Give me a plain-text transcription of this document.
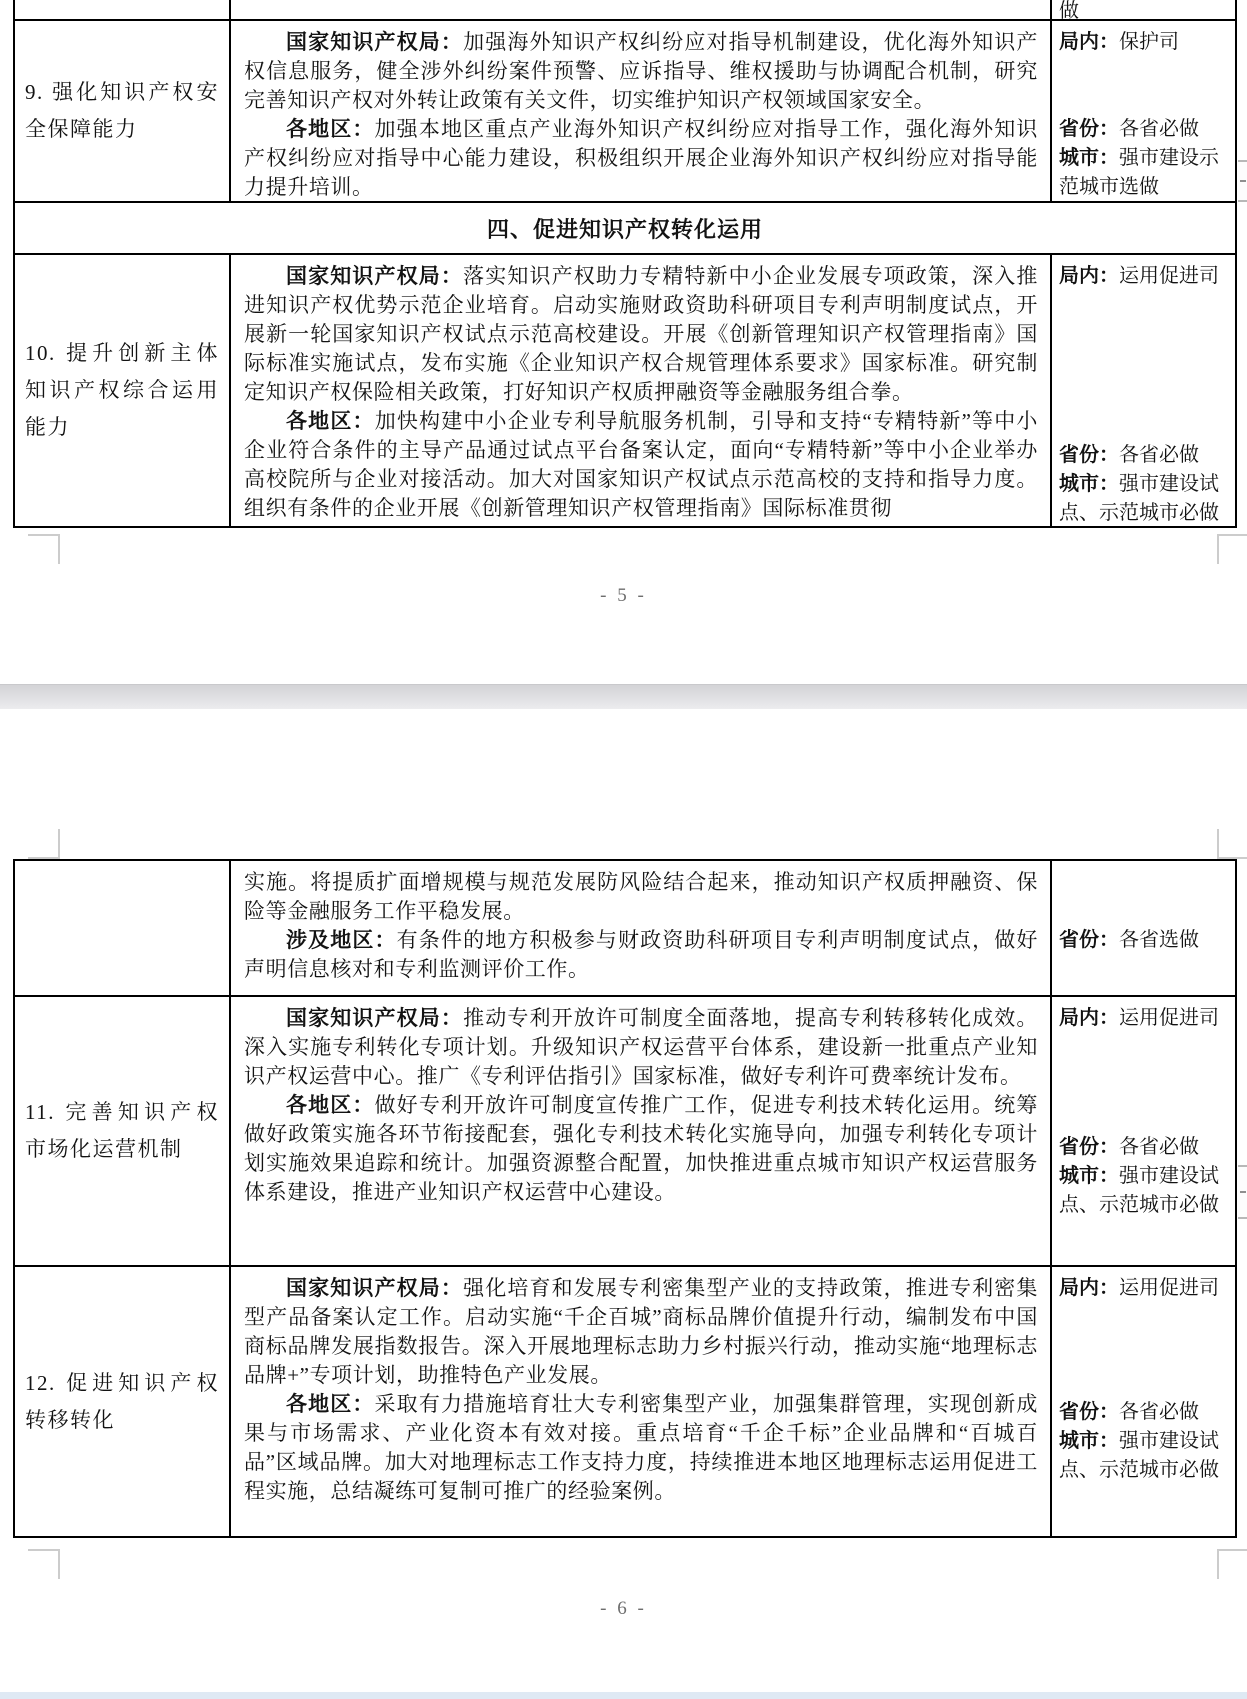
做
9. 强化知识产权安全保障能力

国家知识产权局：加强海外知识产权纠纷应对指导机制建设，优化海外知识产权信息服务，健全涉外纠纷案件预警、应诉指导、维权援助与协调配合机制，研究完善知识产权对外转让政策有关文件，切实维护知识产权领域国家安全。

各地区：加强本地区重点产业海外知识产权纠纷应对指导工作，强化海外知识产权纠纷应对指导中心能力建设，积极组织开展企业海外知识产权纠纷应对指导能力提升培训。

局内：保护司
省份：各省必做
城市：强市建设示范城市选做
四、促进知识产权转化运用
10. 提升创新主体知识产权综合运用能力

国家知识产权局：落实知识产权助力专精特新中小企业发展专项政策，深入推进知识产权优势示范企业培育。启动实施财政资助科研项目专利声明制度试点，开展新一轮国家知识产权试点示范高校建设。开展《创新管理知识产权管理指南》国际标准实施试点，发布实施《企业知识产权合规管理体系要求》国家标准。研究制定知识产权保险相关政策，打好知识产权质押融资等金融服务组合拳。

各地区：加快构建中小企业专利导航服务机制，引导和支持“专精特新”等中小企业符合条件的主导产品通过试点平台备案认定，面向“专精特新”等中小企业举办高校院所与企业对接活动。加大对国家知识产权试点示范高校的支持和指导力度。组织有条件的企业开展《创新管理知识产权管理指南》国际标准贯彻

局内：运用促进司
省份：各省必做
城市：强市建设试点、示范城市必做
- 5 -

实施。将提质扩面增规模与规范发展防风险结合起来，推动知识产权质押融资、保险等金融服务工作平稳发展。

涉及地区：有条件的地方积极参与财政资助科研项目专利声明制度试点，做好声明信息核对和专利监测评价工作。

省份：各省选做
11. 完善知识产权市场化运营机制

国家知识产权局：推动专利开放许可制度全面落地，提高专利转移转化成效。深入实施专利转化专项计划。升级知识产权运营平台体系，建设新一批重点产业知识产权运营中心。推广《专利评估指引》国家标准，做好专利许可费率统计发布。

各地区：做好专利开放许可制度宣传推广工作，促进专利技术转化运用。统筹做好政策实施各环节衔接配套，强化专利技术转化实施导向，加强专利转化专项计划实施效果追踪和统计。加强资源整合配置，加快推进重点城市知识产权运营服务体系建设，推进产业知识产权运营中心建设。

局内：运用促进司
省份：各省必做
城市：强市建设试点、示范城市必做
12. 促进知识产权转移转化

国家知识产权局：强化培育和发展专利密集型产业的支持政策，推进专利密集型产品备案认定工作。启动实施“千企百城”商标品牌价值提升行动，编制发布中国商标品牌发展指数报告。深入开展地理标志助力乡村振兴行动，推动实施“地理标志品牌+”专项计划，助推特色产业发展。

各地区：采取有力措施培育壮大专利密集型产业，加强集群管理，实现创新成果与市场需求、产业化资本有效对接。重点培育“千企千标”企业品牌和“百城百品”区域品牌。加大对地理标志工作支持力度，持续推进本地区地理标志运用促进工程实施，总结凝练可复制可推广的经验案例。

局内：运用促进司
省份：各省必做
城市：强市建设试点、示范城市必做
- 6 -
